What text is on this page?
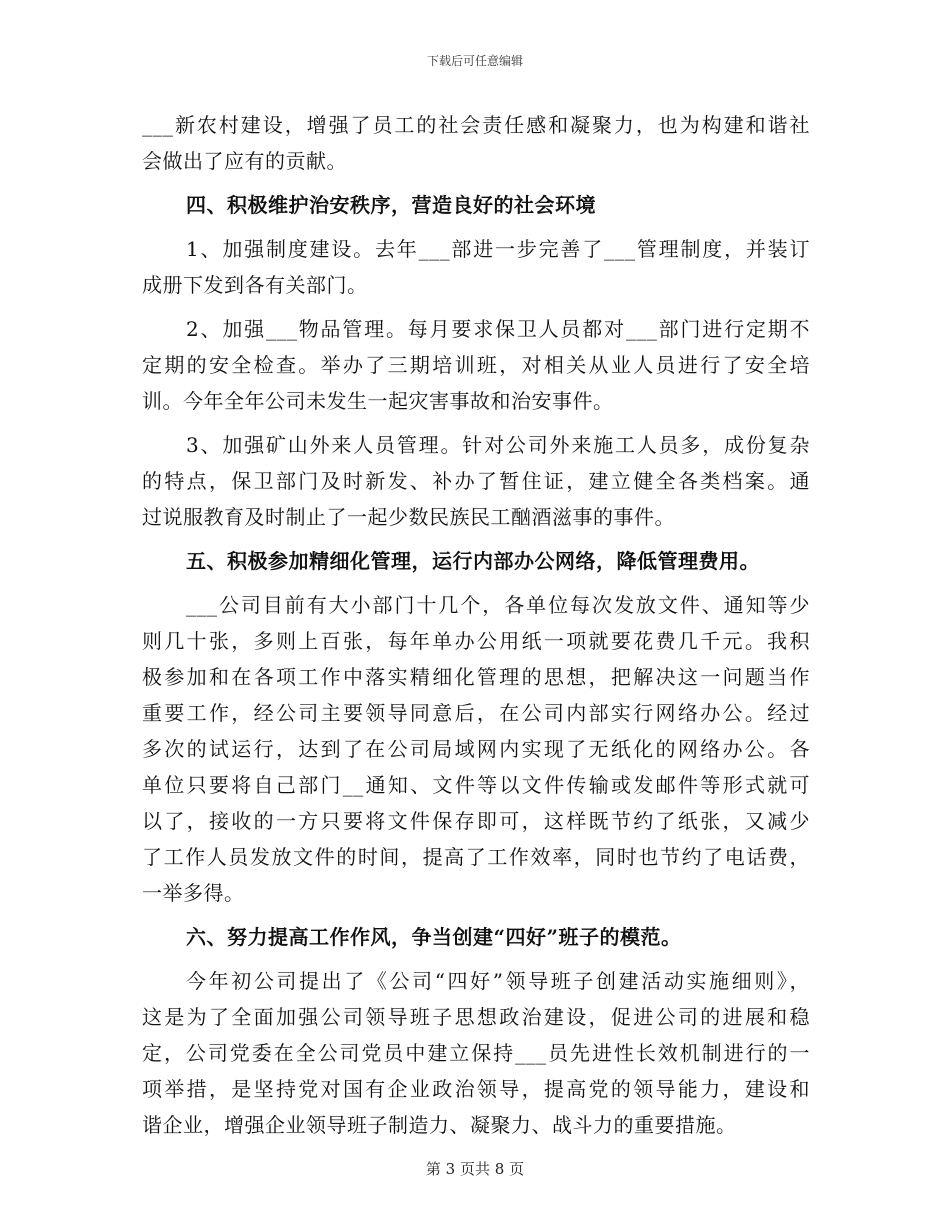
下载后可任意编辑
___新农村建设，增强了员工的社会责任感和凝聚力，也为构建和谐社
会做出了应有的贡献。
四、积极维护治安秩序，营造良好的社会环境
1、加强制度建设。去年___部进一步完善了___管理制度，并装订
成册下发到各有关部门。
2、加强___物品管理。每月要求保卫人员都对___部门进行定期不
定期的安全检查。举办了三期培训班，对相关从业人员进行了安全培
训。今年全年公司未发生一起灾害事故和治安事件。
3、加强矿山外来人员管理。针对公司外来施工人员多，成份复杂
的特点，保卫部门及时新发、补办了暂住证，建立健全各类档案。通
过说服教育及时制止了一起少数民族民工酗酒滋事的事件。
五、积极参加精细化管理，运行内部办公网络，降低管理费用。
___公司目前有大小部门十几个，各单位每次发放文件、通知等少
则几十张，多则上百张，每年单办公用纸一项就要花费几千元。我积
极参加和在各项工作中落实精细化管理的思想，把解决这一问题当作
重要工作，经公司主要领导同意后，在公司内部实行网络办公。经过
多次的试运行，达到了在公司局域网内实现了无纸化的网络办公。各
单位只要将自己部门__通知、文件等以文件传输或发邮件等形式就可
以了，接收的一方只要将文件保存即可，这样既节约了纸张，又减少
了工作人员发放文件的时间，提高了工作效率，同时也节约了电话费，
一举多得。
六、努力提高工作作风，争当创建“四好”班子的模范。
今年初公司提出了《公司“四好”领导班子创建活动实施细则》，
这是为了全面加强公司领导班子思想政治建设，促进公司的进展和稳
定，公司党委在全公司党员中建立保持___员先进性长效机制进行的一
项举措，是坚持党对国有企业政治领导，提高党的领导能力，建设和
谐企业，增强企业领导班子制造力、凝聚力、战斗力的重要措施。
第 3 页共 8 页
